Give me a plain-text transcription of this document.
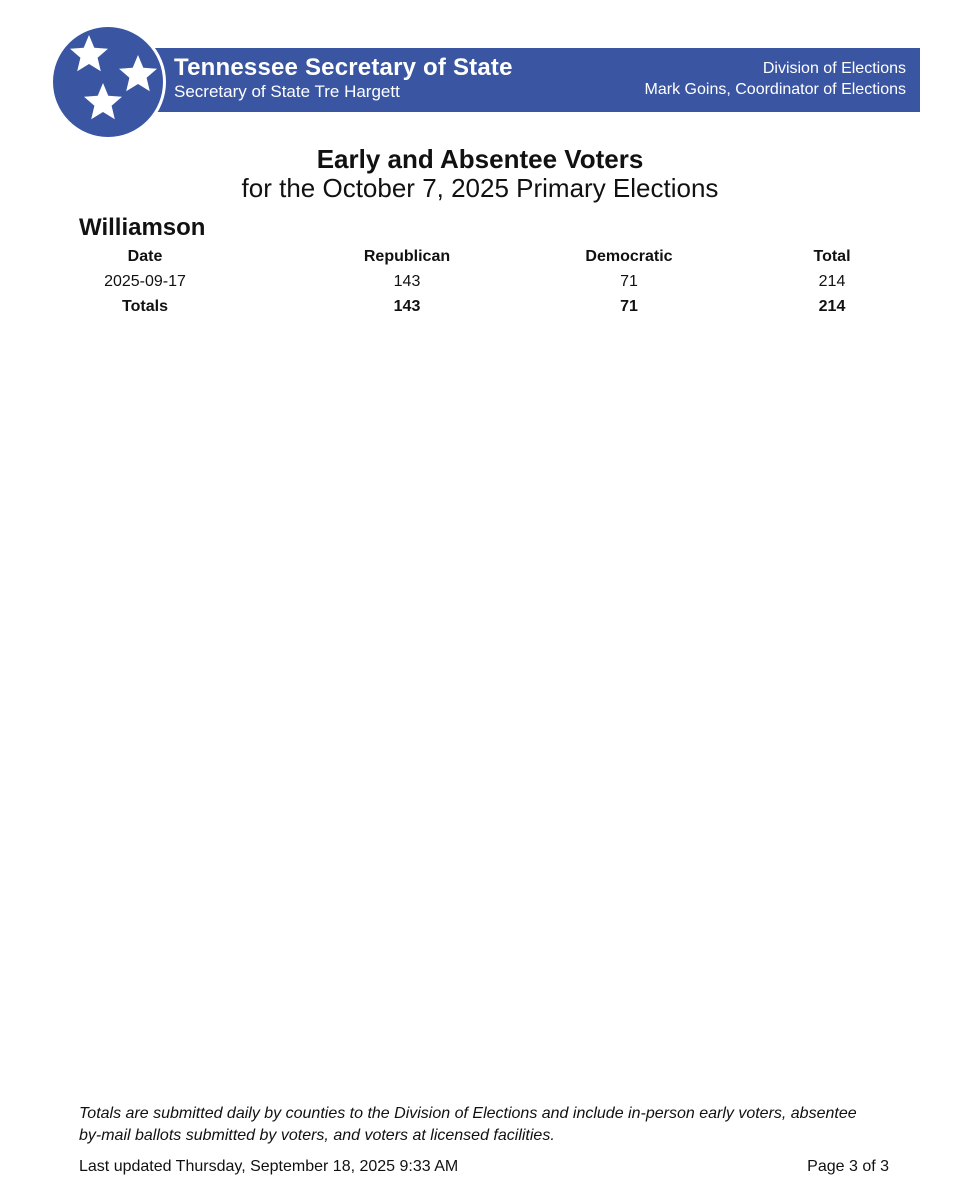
Tennessee Secretary of State
Secretary of State Tre Hargett
Division of Elections
Mark Goins, Coordinator of Elections
Early and Absentee Voters
for the October 7, 2025 Primary Elections
Williamson
Date	Republican	Democratic	Total
2025-09-17	143	71	214
Totals	143	71	214
Totals are submitted daily by counties to the Division of Elections and include in-person early voters, absentee
by-mail ballots submitted by voters, and voters at licensed facilities.
Last updated Thursday, September 18, 2025 9:33 AM	Page 3 of 3
